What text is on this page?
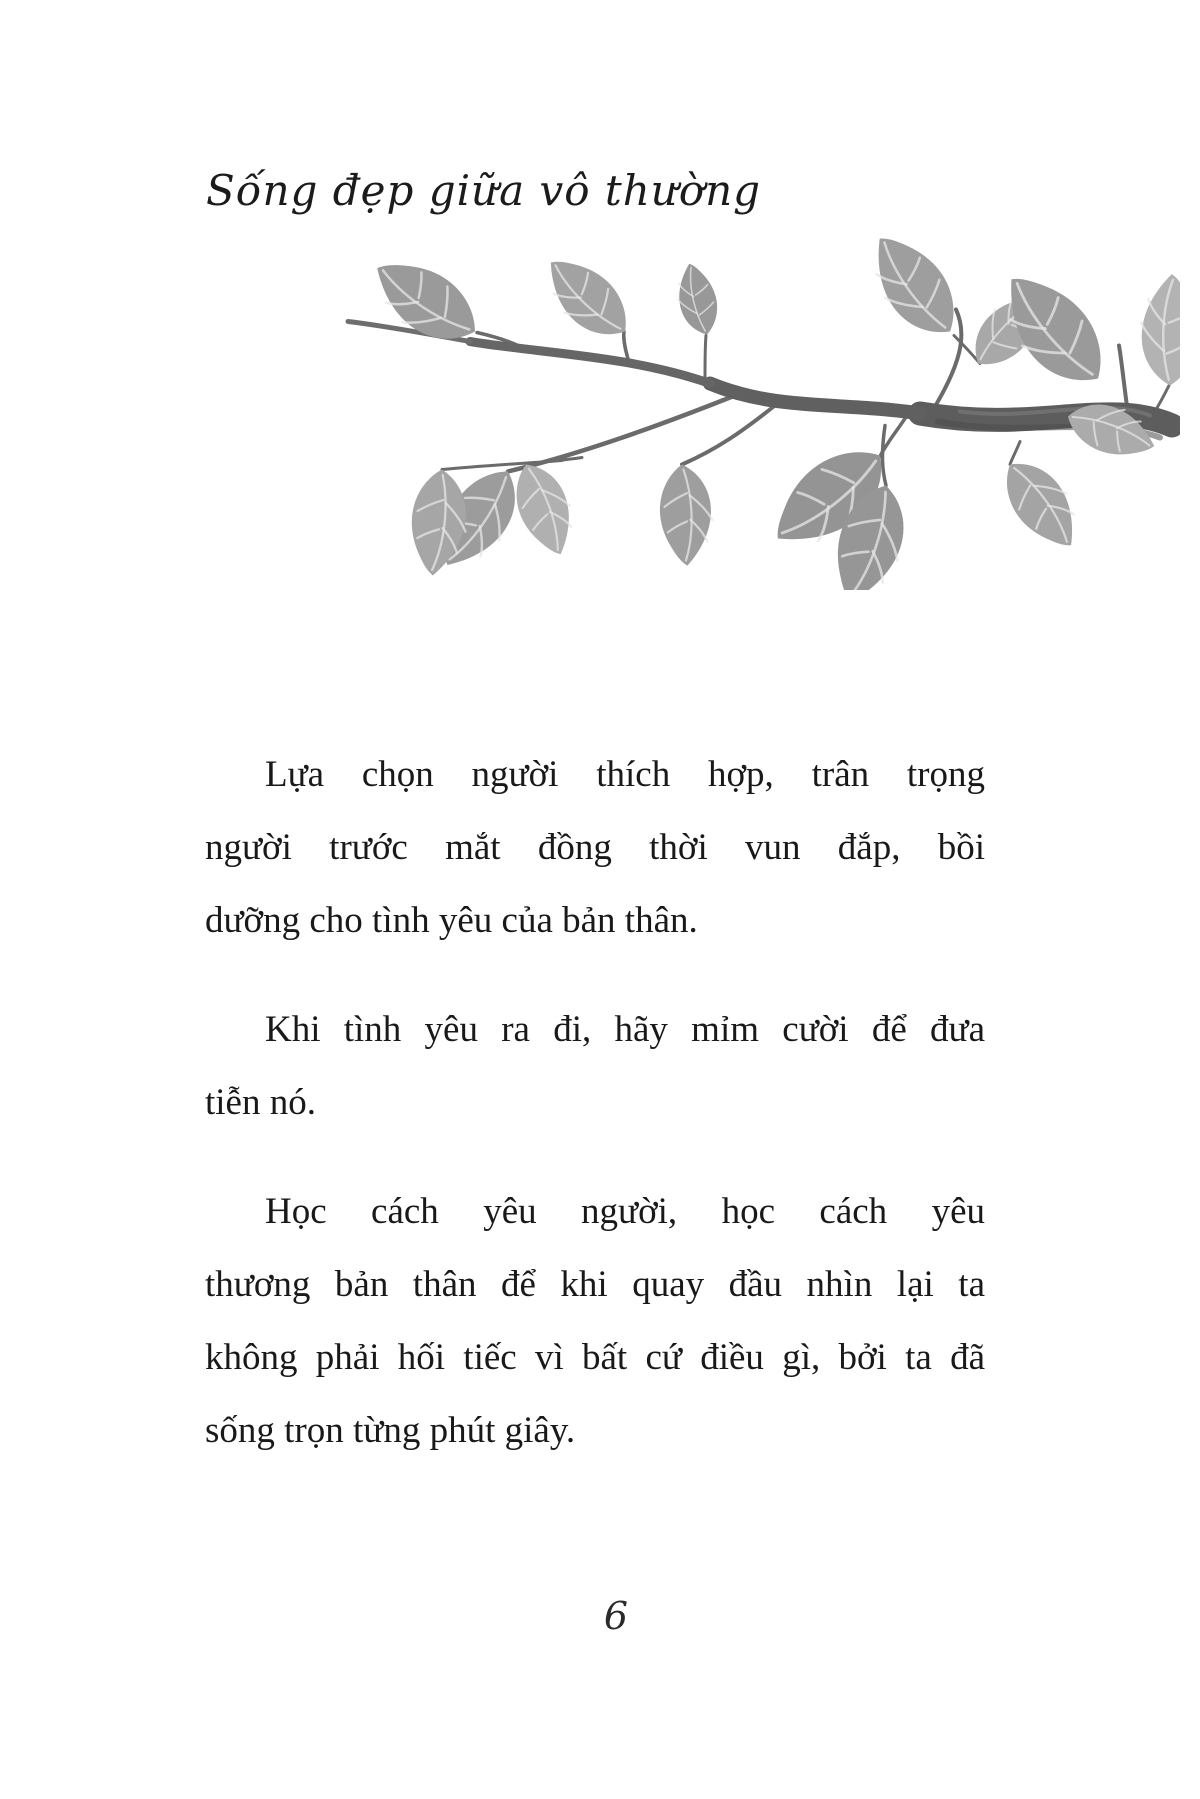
Sống đẹp giữa vô thường
Lựa chọn người thích hợp, trân trọng
người trước mắt đồng thời vun đắp, bồi
dưỡng cho tình yêu của bản thân.
Khi tình yêu ra đi, hãy mỉm cười để đưa
tiễn nó.
Học cách yêu người, học cách yêu
thương bản thân để khi quay đầu nhìn lại ta
không phải hối tiếc vì bất cứ điều gì, bởi ta đã
sống trọn từng phút giây.
6
